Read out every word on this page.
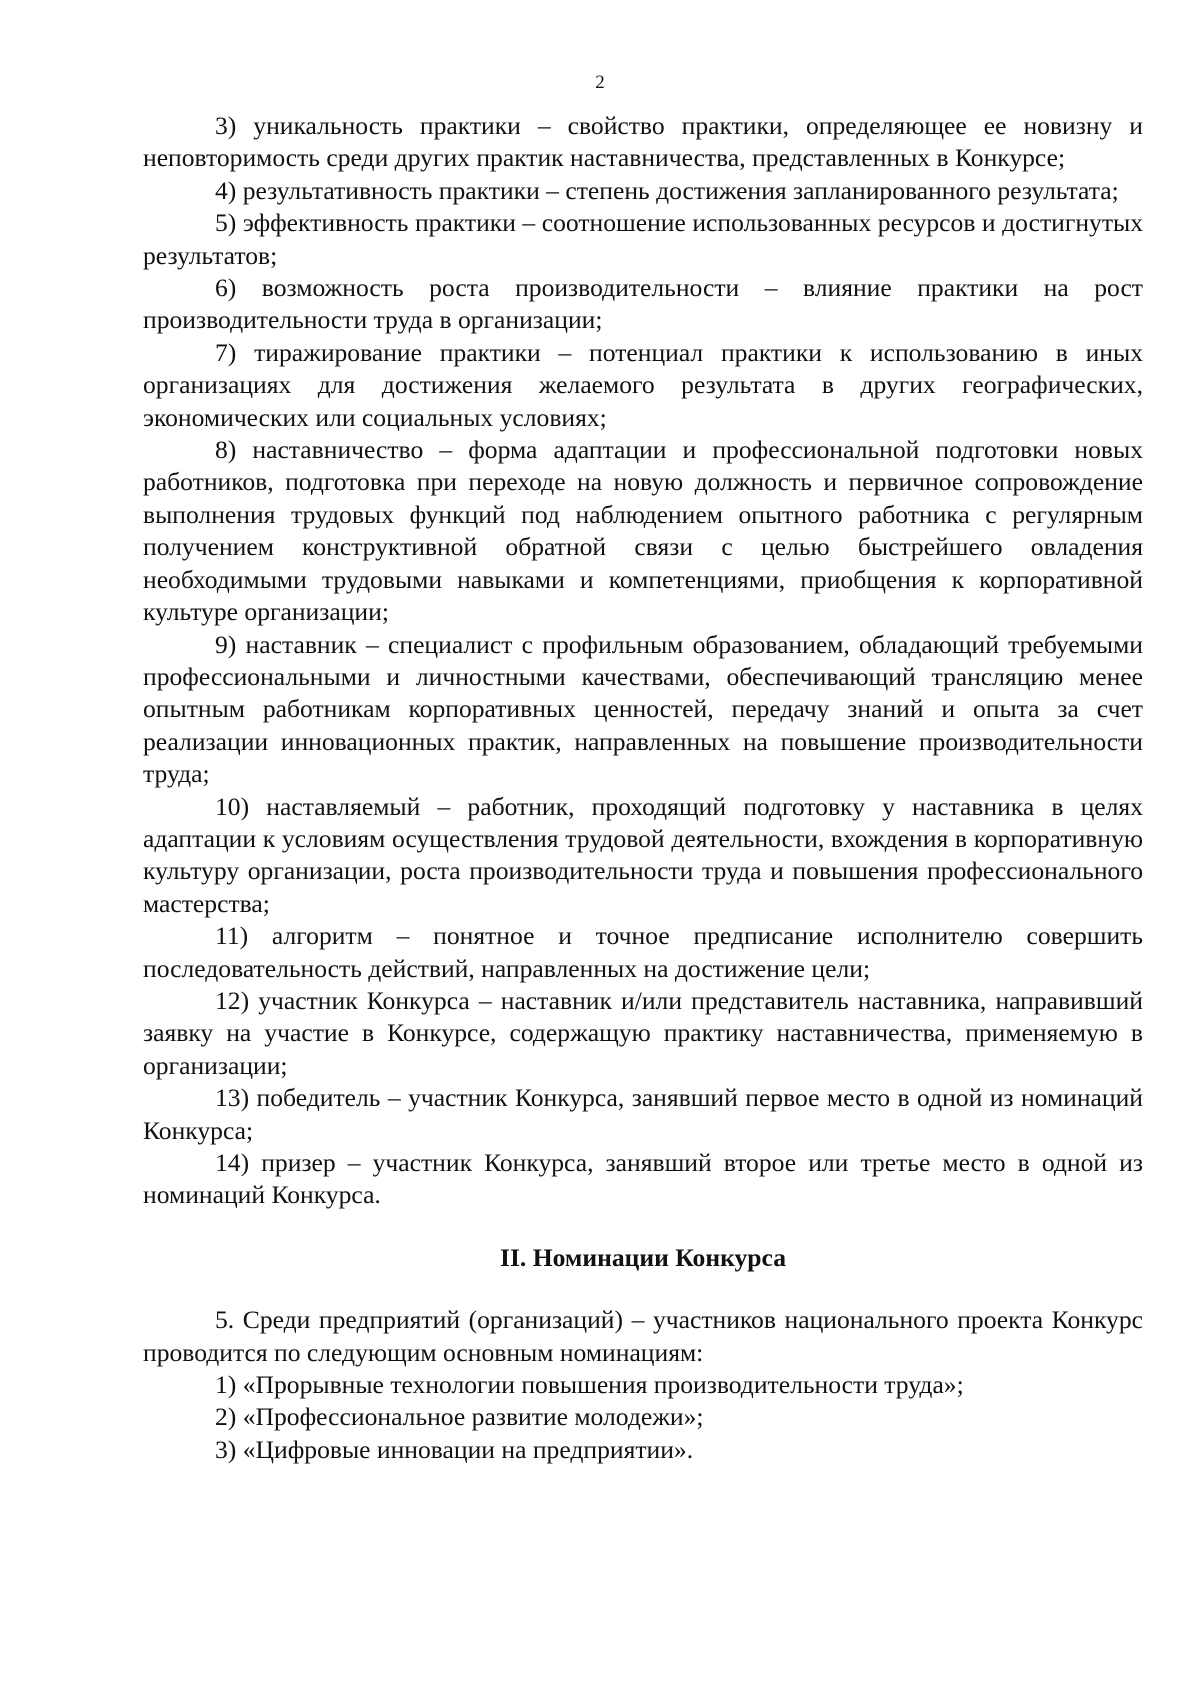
2

3) уникальность практики – свойство практики, определяющее ее новизну и неповторимость среди других практик наставничества, представленных в Конкурсе;

4) результативность практики – степень достижения запланированного результата;

5) эффективность практики – соотношение использованных ресурсов и достигнутых результатов;

6) возможность роста производительности – влияние практики на рост производительности труда в организации;

7) тиражирование практики – потенциал практики к использованию в иных организациях для достижения желаемого результата в других географических, экономических или социальных условиях;

8) наставничество – форма адаптации и профессиональной подготовки новых работников, подготовка при переходе на новую должность и первичное сопровождение выполнения трудовых функций под наблюдением опытного работника с регулярным получением конструктивной обратной связи с целью быстрейшего овладения необходимыми трудовыми навыками и компетенциями, приобщения к корпоративной культуре организации;

9) наставник – специалист с профильным образованием, обладающий требуемыми профессиональными и личностными качествами, обеспечивающий трансляцию менее опытным работникам корпоративных ценностей, передачу знаний и опыта за счет реализации инновационных практик, направленных на повышение производительности труда;

10) наставляемый – работник, проходящий подготовку у наставника в целях адаптации к условиям осуществления трудовой деятельности, вхождения в корпоративную культуру организации, роста производительности труда и повышения профессионального мастерства;

11) алгоритм – понятное и точное предписание исполнителю совершить последовательность действий, направленных на достижение цели;

12) участник Конкурса – наставник и/или представитель наставника, направивший заявку на участие в Конкурсе, содержащую практику наставничества, применяемую в организации;

13) победитель – участник Конкурса, занявший первое место в одной из номинаций Конкурса;

14) призер – участник Конкурса, занявший второе или третье место в одной из номинаций Конкурса.

II. Номинации Конкурса

5. Среди предприятий (организаций) – участников национального проекта Конкурс проводится по следующим основным номинациям:

1) «Прорывные технологии повышения производительности труда»;

2) «Профессиональное развитие молодежи»;

3) «Цифровые инновации на предприятии».
